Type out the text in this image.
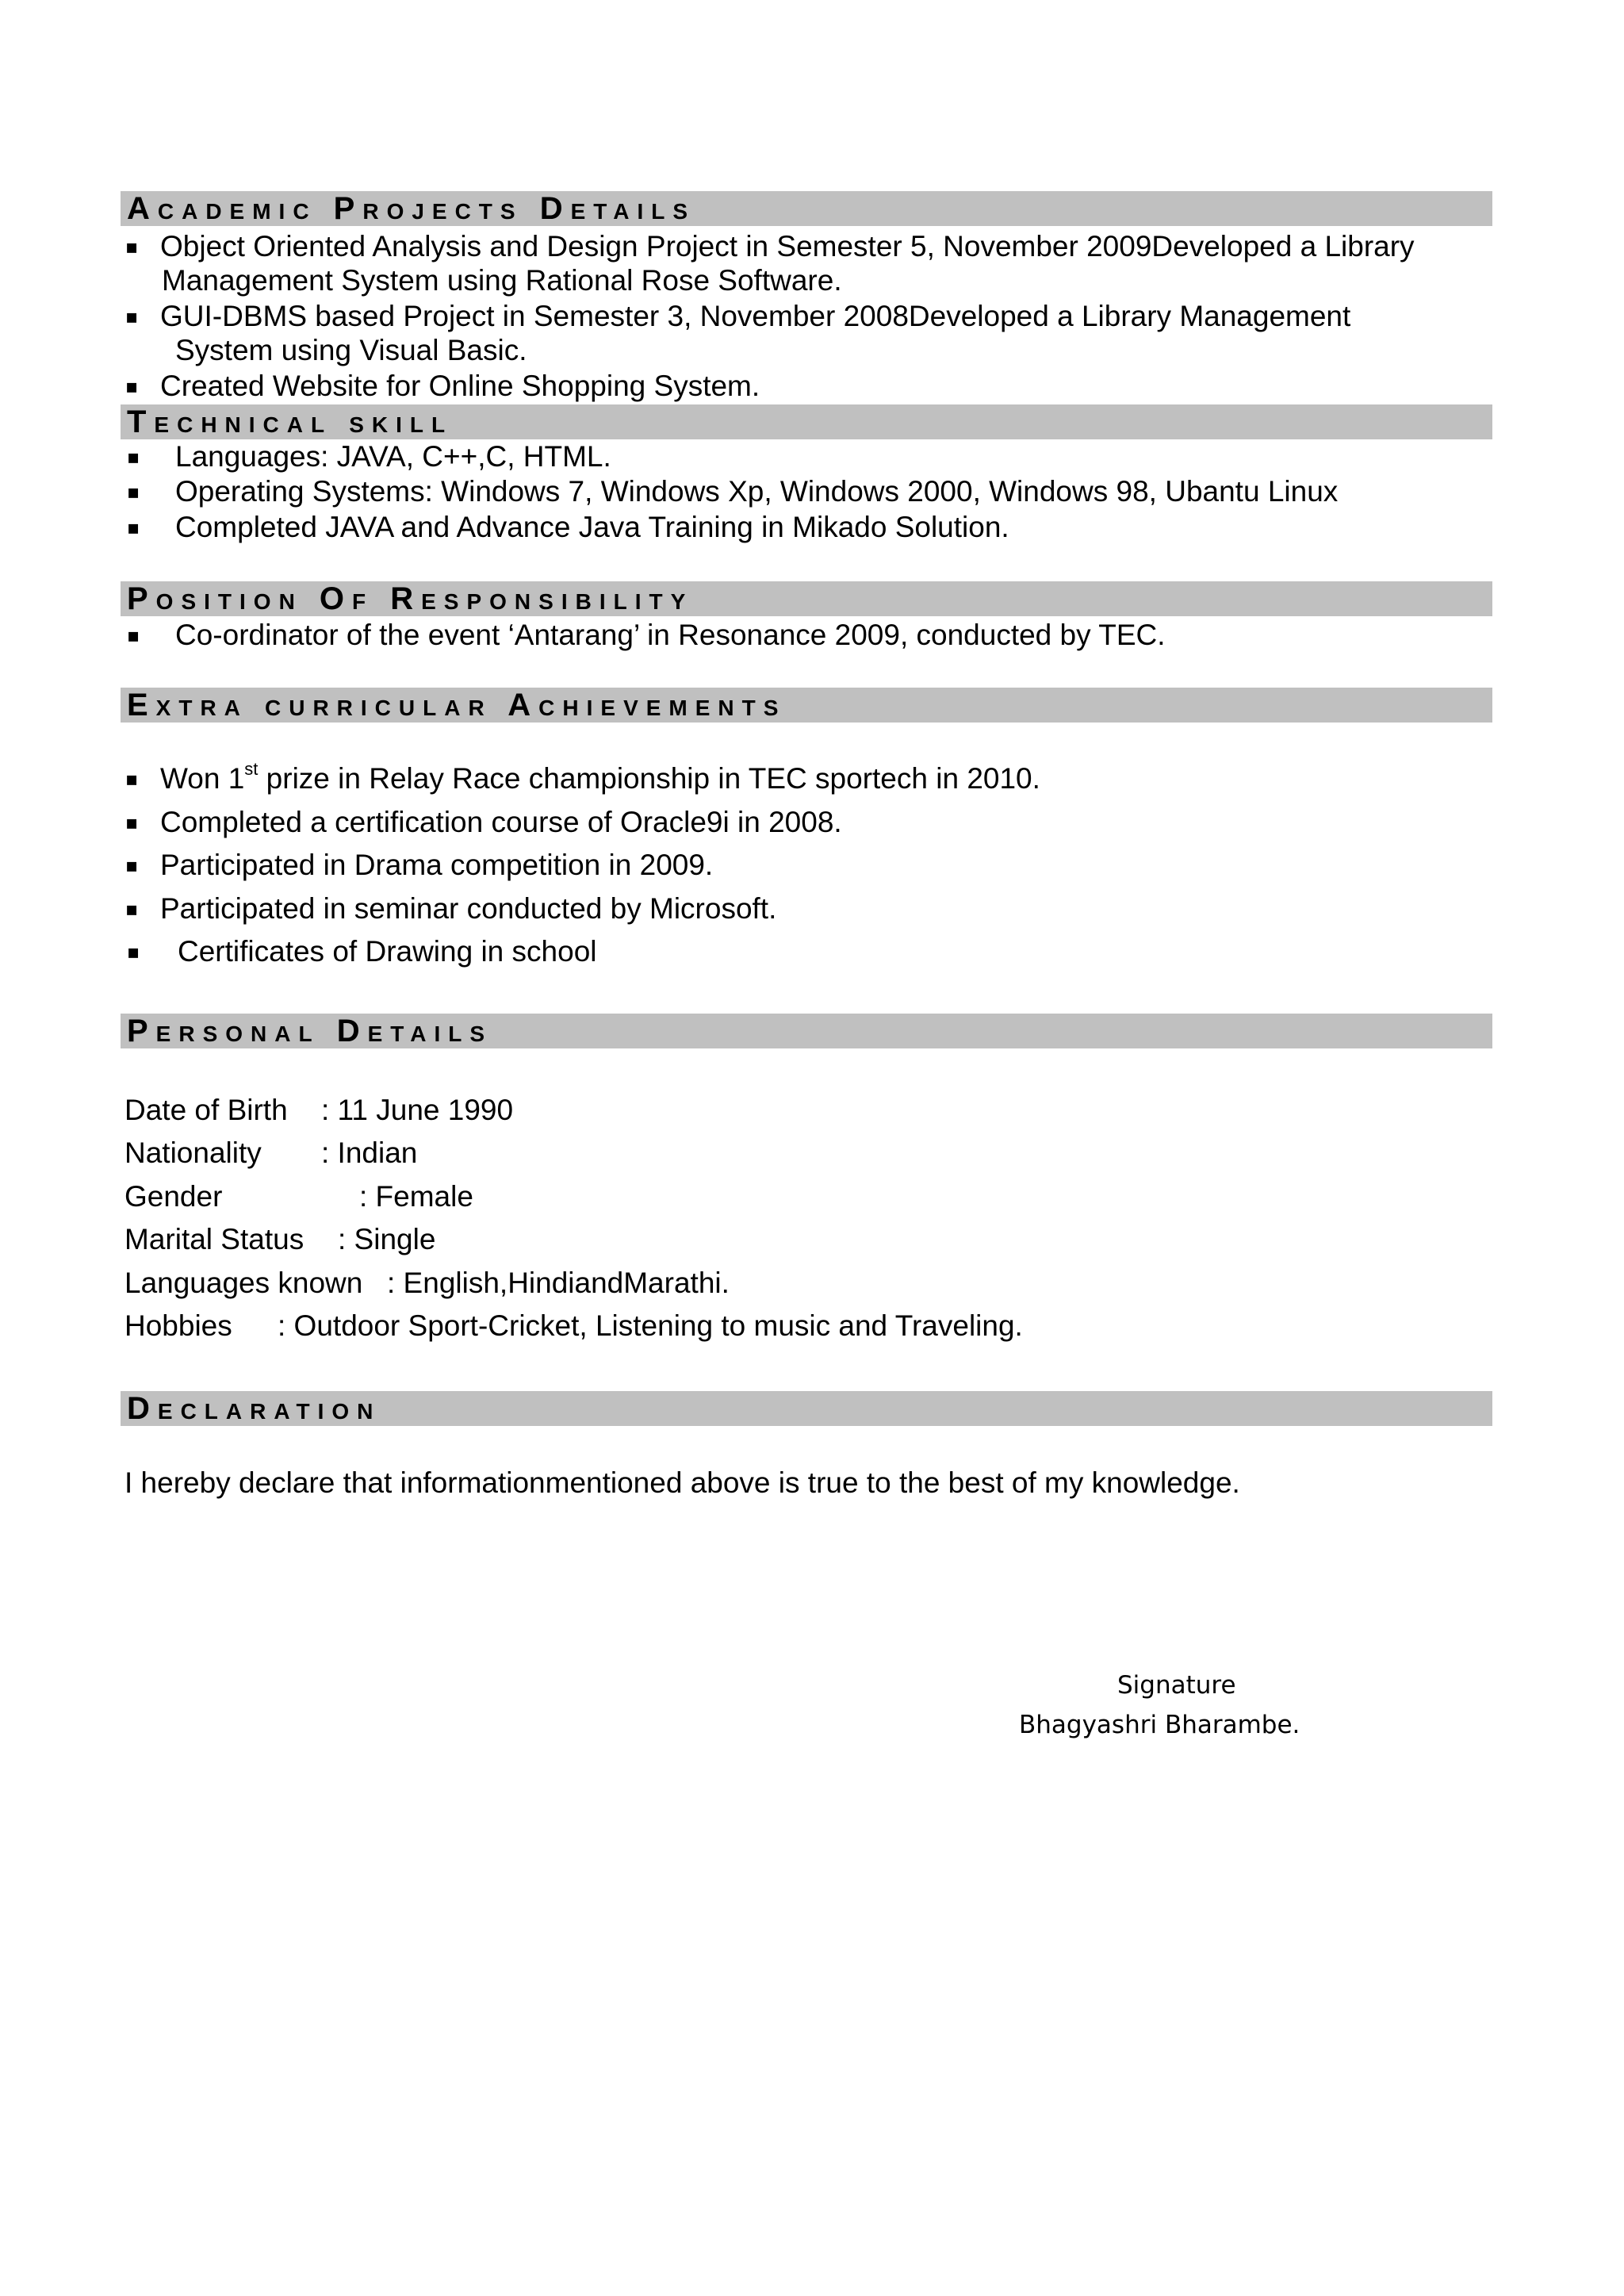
Academic Projects Details
▪ Object Oriented Analysis and Design Project in Semester 5, November 2009Developed a Library
Management System using Rational Rose Software.
▪ GUI-DBMS based Project in Semester 3, November 2008Developed a Library Management
System using Visual Basic.
▪ Created Website for Online Shopping System.
Technical skill
▪ Languages: JAVA, C++,C, HTML.
▪ Operating Systems: Windows 7, Windows Xp, Windows 2000, Windows 98, Ubantu Linux
▪ Completed JAVA and Advance Java Training in Mikado Solution.
Position Of Responsibility
▪ Co-ordinator of the event ‘Antarang’ in Resonance 2009, conducted by TEC.
Extra curricular Achievements
▪ Won 1st prize in Relay Race championship in TEC sportech in 2010.
▪ Completed a certification course of Oracle9i in 2008.
▪ Participated in Drama competition in 2009.
▪ Participated in seminar conducted by Microsoft.
▪ Certificates of Drawing in school
Personal Details
Date of Birth : 11 June 1990
Nationality : Indian
Gender	: Female
Marital Status : Single
Languages known : English,HindiandMarathi.
Hobbies : Outdoor Sport-Cricket, Listening to music and Traveling.
Declaration
I hereby declare that informationmentioned above is true to the best of my knowledge.
Signature
Bhagyashri Bharambe.
